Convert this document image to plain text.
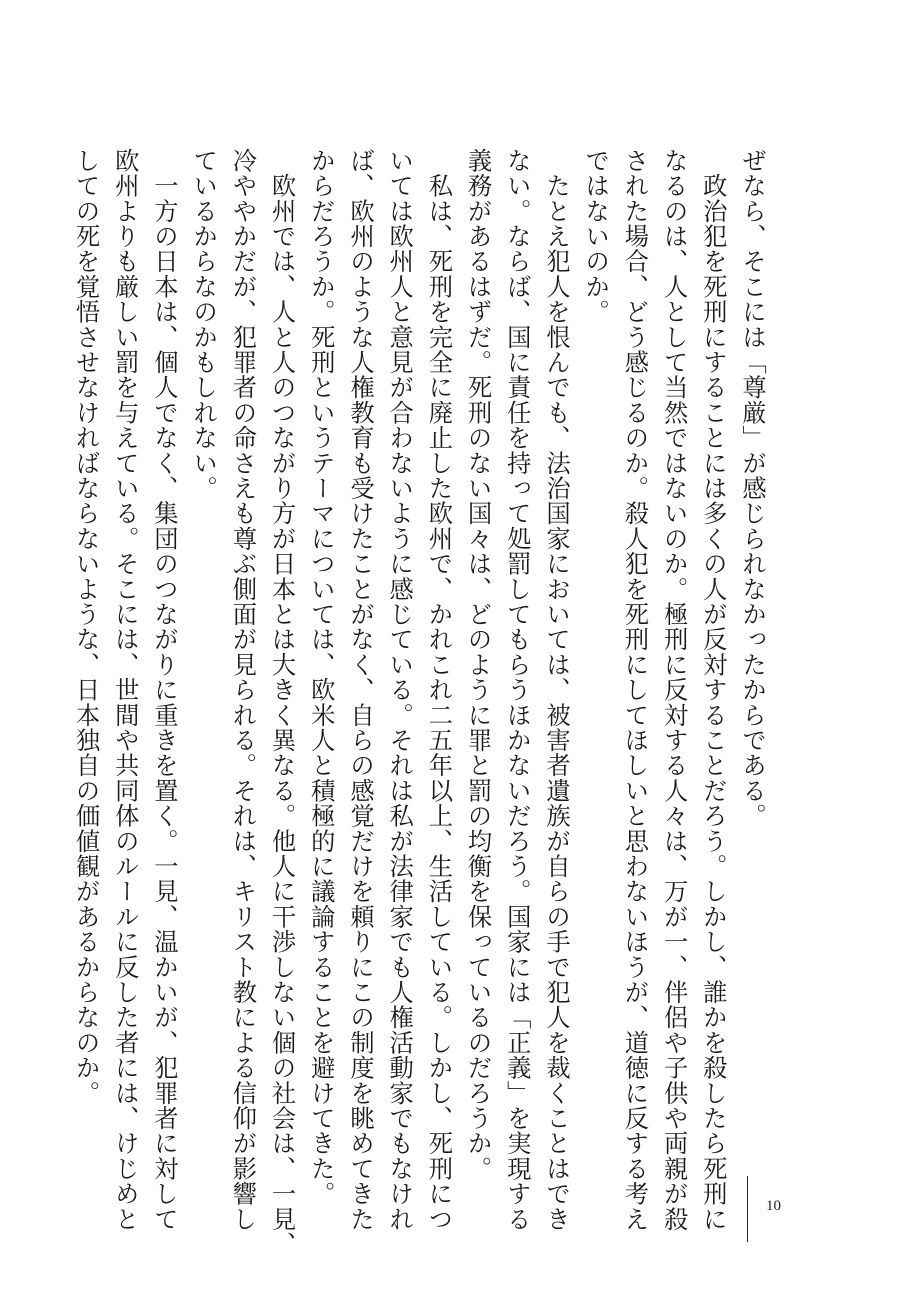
ぜなら、そこには「尊厳」が感じられなかったからである。
　政治犯を死刑にすることには多くの人が反対することだろう。しかし、誰かを殺したら死刑に
なるのは、人として当然ではないのか。極刑に反対する人々は、万が一、伴侶や子供や両親が殺
された場合、どう感じるのか。殺人犯を死刑にしてほしいと思わないほうが、道徳に反する考え
ではないのか。
　たとえ犯人を恨んでも、法治国家においては、被害者遺族が自らの手で犯人を裁くことはでき
ない。ならば、国に責任を持って処罰してもらうほかないだろう。国家には「正義」を実現する
義務があるはずだ。死刑のない国々は、どのように罪と罰の均衡を保っているのだろうか。
　私は、死刑を完全に廃止した欧州で、かれこれ二五年以上、生活している。しかし、死刑につ
いては欧州人と意見が合わないように感じている。それは私が法律家でも人権活動家でもなけれ
ば、欧州のような人権教育も受けたことがなく、自らの感覚だけを頼りにこの制度を眺めてきた
からだろうか。死刑というテーマについては、欧米人と積極的に議論することを避けてきた。
　欧州では、人と人のつながり方が日本とは大きく異なる。他人に干渉しない個の社会は、一見、
冷ややかだが、犯罪者の命さえも尊ぶ側面が見られる。それは、キリスト教による信仰が影響し
ているからなのかもしれない。
　一方の日本は、個人でなく、集団のつながりに重きを置く。一見、温かいが、犯罪者に対して
欧州よりも厳しい罰を与えている。そこには、世間や共同体のルールに反した者には、けじめと
しての死を覚悟させなければならないような、日本独自の価値観があるからなのか。
10
